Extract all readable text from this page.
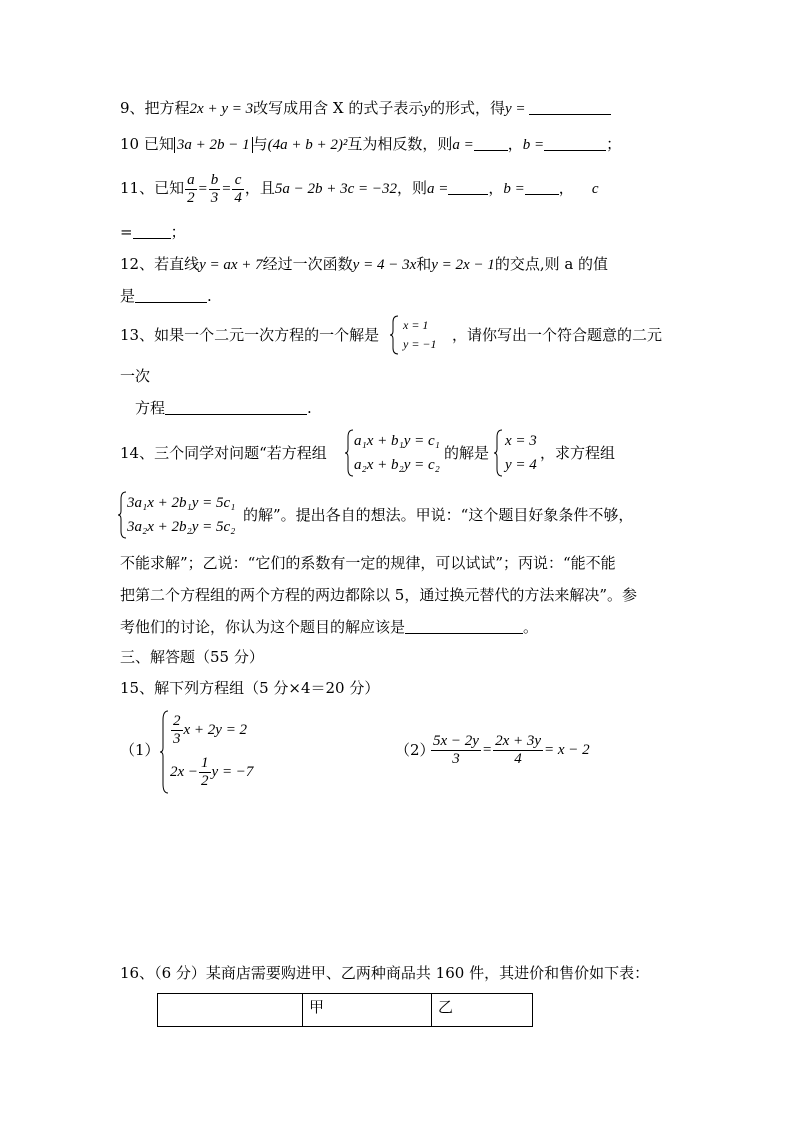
9、把方程2x + y = 3改写成用含 X 的式子表示y的形式，得y =
10 已知 3a + 2b − 1 与(4a + b + 2)²互为相反数，则a = ，b =	；
11、已知 $\frac{a}{2} = \frac{b}{3} = \frac{c}{4}$ ，且5a − 2b + 3c = −32，则a =	，b = ， c
=	；
12、若直线y = ax + 7经过一次函数y = 4 − 3x和y = 2x − 1的交点,则 a 的值
是	.
13、如果一个二元一次方程的一个解是
x = 1
y = −1 ，请你写出一个符合题意的二元
一次
方程	.
14、三个同学对问题“若方程组
a₁x + b₁y = c₁
a₂x + b₂y = c₂
的解是
x = 3
y = 4
，求方程组
3a₁x + 2b₁y = 5c₁
3a₂x + 2b₂y = 5c₂
的解”。提出各自的想法。甲说：“这个题目好象条件不够，
不能求解”；乙说：“它们的系数有一定的规律，可以试试”；丙说：“能不能
把第二个方程组的两个方程的两边都除以 5，通过换元替代的方法来解决”。参
考他们的讨论，你认为这个题目的解应该是	。
三、解答题（55 分）
15、解下列方程组（5 分×4＝20 分）
（1）
$\frac{2}{3}$ x + 2y = 2
$2x - \frac{1}{2}$ y = −7
（2）
$\frac{5x - 2y}{3} = \frac{2x + 3y}{4} = x - 2$
16、（6 分）某商店需要购进甲、乙两种商品共 160 件，其进价和售价如下表：
	甲	乙
